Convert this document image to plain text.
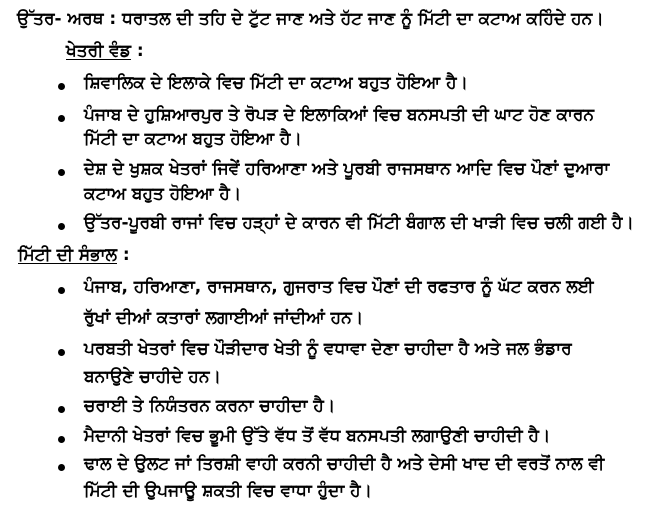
ਉੱਤਰ- ਅਰਥ : ਧਰਾਤਲ ਦੀ ਤਹਿ ਦੇ ਟੁੱਟ ਜਾਣ ਅਤੇ ਹੱਟ ਜਾਣ ਨੂੰ ਮਿੱਟੀ ਦਾ ਕਟਾਅ ਕਹਿੰਦੇ ਹਨ।
ਖੇਤਰੀ ਵੰਡ :
ਸ਼ਿਵਾਲਿਕ ਦੇ ਇਲਾਕੇ ਵਿਚ ਮਿੱਟੀ ਦਾ ਕਟਾਅ ਬਹੁਤ ਹੋਇਆ ਹੈ।
ਪੰਜਾਬ ਦੇ ਹੁਸ਼ਿਆਰਪੁਰ ਤੇ ਰੋਪੜ ਦੇ ਇਲਾਕਿਆਂ ਵਿਚ ਬਨਸਪਤੀ ਦੀ ਘਾਟ ਹੋਣ ਕਾਰਨ
ਮਿੱਟੀ ਦਾ ਕਟਾਅ ਬਹੁਤ ਹੋਇਆ ਹੈ।
ਦੇਸ਼ ਦੇ ਖੁਸ਼ਕ ਖੇਤਰਾਂ ਜਿਵੇਂ ਹਰਿਆਣਾ ਅਤੇ ਪੂਰਬੀ ਰਾਜਸਥਾਨ ਆਦਿ ਵਿਚ ਪੌਣਾਂ ਦੁਆਰਾ
ਕਟਾਅ ਬਹੁਤ ਹੋਇਆ ਹੈ।
ਉੱਤਰ-ਪੂਰਬੀ ਰਾਜਾਂ ਵਿਚ ਹੜ੍ਹਾਂ ਦੇ ਕਾਰਨ ਵੀ ਮਿੱਟੀ ਬੰਗਾਲ ਦੀ ਖਾੜੀ ਵਿਚ ਚਲੀ ਗਈ ਹੈ।
ਮਿੱਟੀ ਦੀ ਸੰਭਾਲ :
ਪੰਜਾਬ, ਹਰਿਆਣਾ, ਰਾਜਸਥਾਨ, ਗੁਜਰਾਤ ਵਿਚ ਪੌਣਾਂ ਦੀ ਰਫਤਾਰ ਨੂੰ ਘੱਟ ਕਰਨ ਲਈ
ਰੁੱਖਾਂ ਦੀਆਂ ਕਤਾਰਾਂ ਲਗਾਈਆਂ ਜਾਂਦੀਆਂ ਹਨ।
ਪਰਬਤੀ ਖੇਤਰਾਂ ਵਿਚ ਪੌੜੀਦਾਰ ਖੇਤੀ ਨੂੰ ਵਧਾਵਾ ਦੇਣਾ ਚਾਹੀਦਾ ਹੈ ਅਤੇ ਜਲ ਭੰਡਾਰ
ਬਨਾਉਣੇ ਚਾਹੀਦੇ ਹਨ।
ਚਰਾਈ ਤੇ ਨਿਯੰਤਰਨ ਕਰਨਾ ਚਾਹੀਦਾ ਹੈ।
ਮੈਦਾਨੀ ਖੇਤਰਾਂ ਵਿਚ ਭੂਮੀ ਉੱਤੇ ਵੱਧ ਤੋਂ ਵੱਧ ਬਨਸਪਤੀ ਲਗਾਉਣੀ ਚਾਹੀਦੀ ਹੈ।
ਢਾਲ ਦੇ ਉਲਟ ਜਾਂ ਤਿਰਸ਼ੀ ਵਾਹੀ ਕਰਨੀ ਚਾਹੀਦੀ ਹੈ ਅਤੇ ਦੇਸੀ ਖਾਦ ਦੀ ਵਰਤੋਂ ਨਾਲ ਵੀ
ਮਿੱਟੀ ਦੀ ਉਪਜਾਊ ਸ਼ਕਤੀ ਵਿਚ ਵਾਧਾ ਹੁੰਦਾ ਹੈ।
